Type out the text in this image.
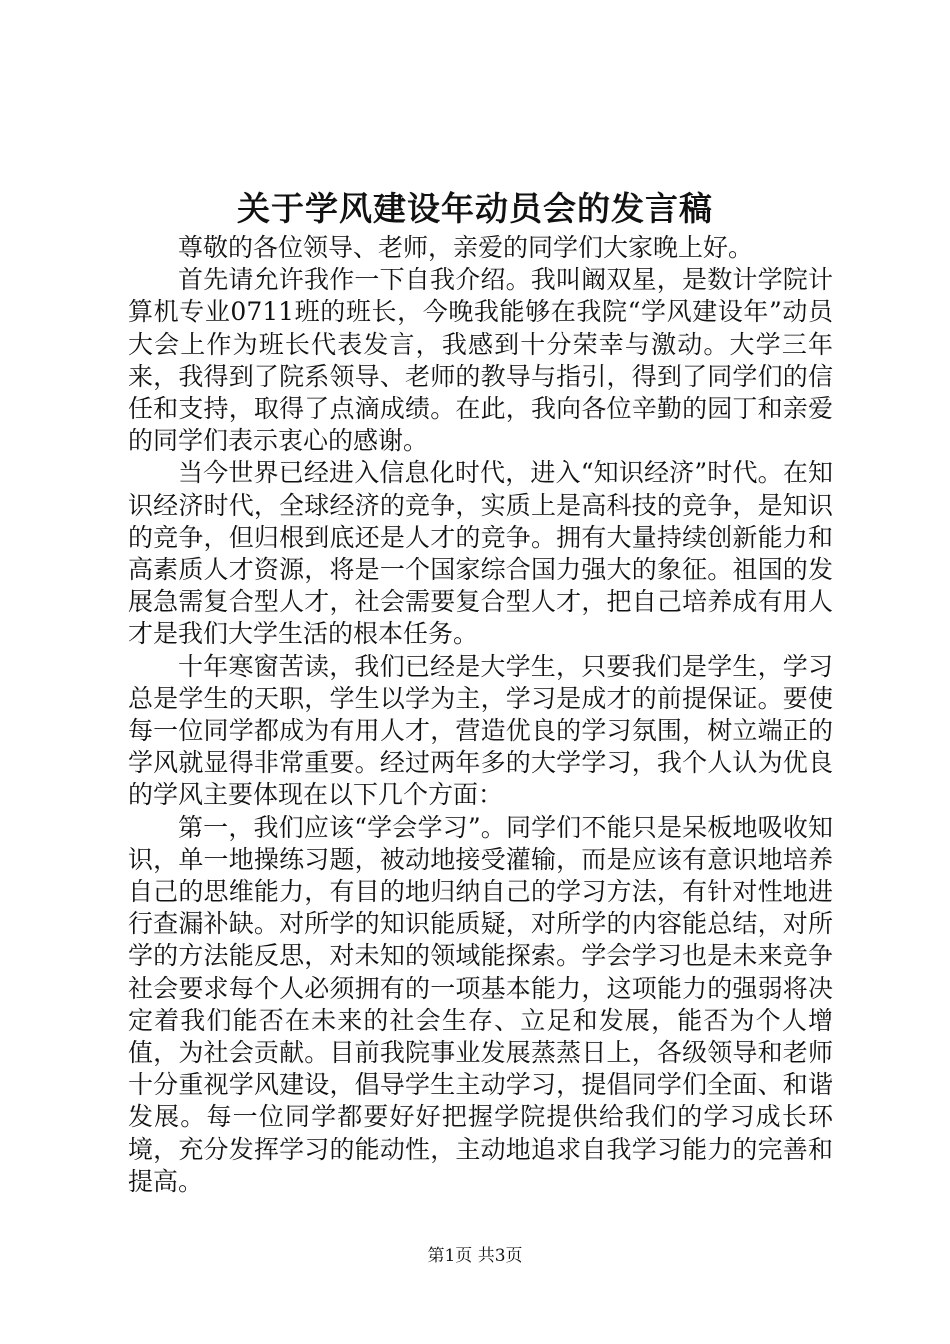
关于学风建设年动员会的发言稿

尊敬的各位领导、老师，亲爱的同学们大家晚上好。

首先请允许我作一下自我介绍。我叫阚双星，是数计学院计算机专业0711班的班长，今晚我能够在我院“学风建设年”动员大会上作为班长代表发言，我感到十分荣幸与激动。大学三年来，我得到了院系领导、老师的教导与指引，得到了同学们的信任和支持，取得了点滴成绩。在此，我向各位辛勤的园丁和亲爱的同学们表示衷心的感谢。

当今世界已经进入信息化时代，进入“知识经济”时代。在知识经济时代，全球经济的竞争，实质上是高科技的竞争，是知识的竞争，但归根到底还是人才的竞争。拥有大量持续创新能力和高素质人才资源，将是一个国家综合国力强大的象征。祖国的发展急需复合型人才，社会需要复合型人才，把自己培养成有用人才是我们大学生活的根本任务。

十年寒窗苦读，我们已经是大学生，只要我们是学生，学习总是学生的天职，学生以学为主，学习是成才的前提保证。要使每一位同学都成为有用人才，营造优良的学习氛围，树立端正的学风就显得非常重要。经过两年多的大学学习，我个人认为优良的学风主要体现在以下几个方面：

第一，我们应该“学会学习”。同学们不能只是呆板地吸收知识，单一地操练习题，被动地接受灌输，而是应该有意识地培养自己的思维能力，有目的地归纳自己的学习方法，有针对性地进行查漏补缺。对所学的知识能质疑，对所学的内容能总结，对所学的方法能反思，对未知的领域能探索。学会学习也是未来竞争社会要求每个人必须拥有的一项基本能力，这项能力的强弱将决定着我们能否在未来的社会生存、立足和发展，能否为个人增值，为社会贡献。目前我院事业发展蒸蒸日上，各级领导和老师十分重视学风建设，倡导学生主动学习，提倡同学们全面、和谐发展。每一位同学都要好好把握学院提供给我们的学习成长环境，充分发挥学习的能动性，主动地追求自我学习能力的完善和提高。

第1页 共3页
